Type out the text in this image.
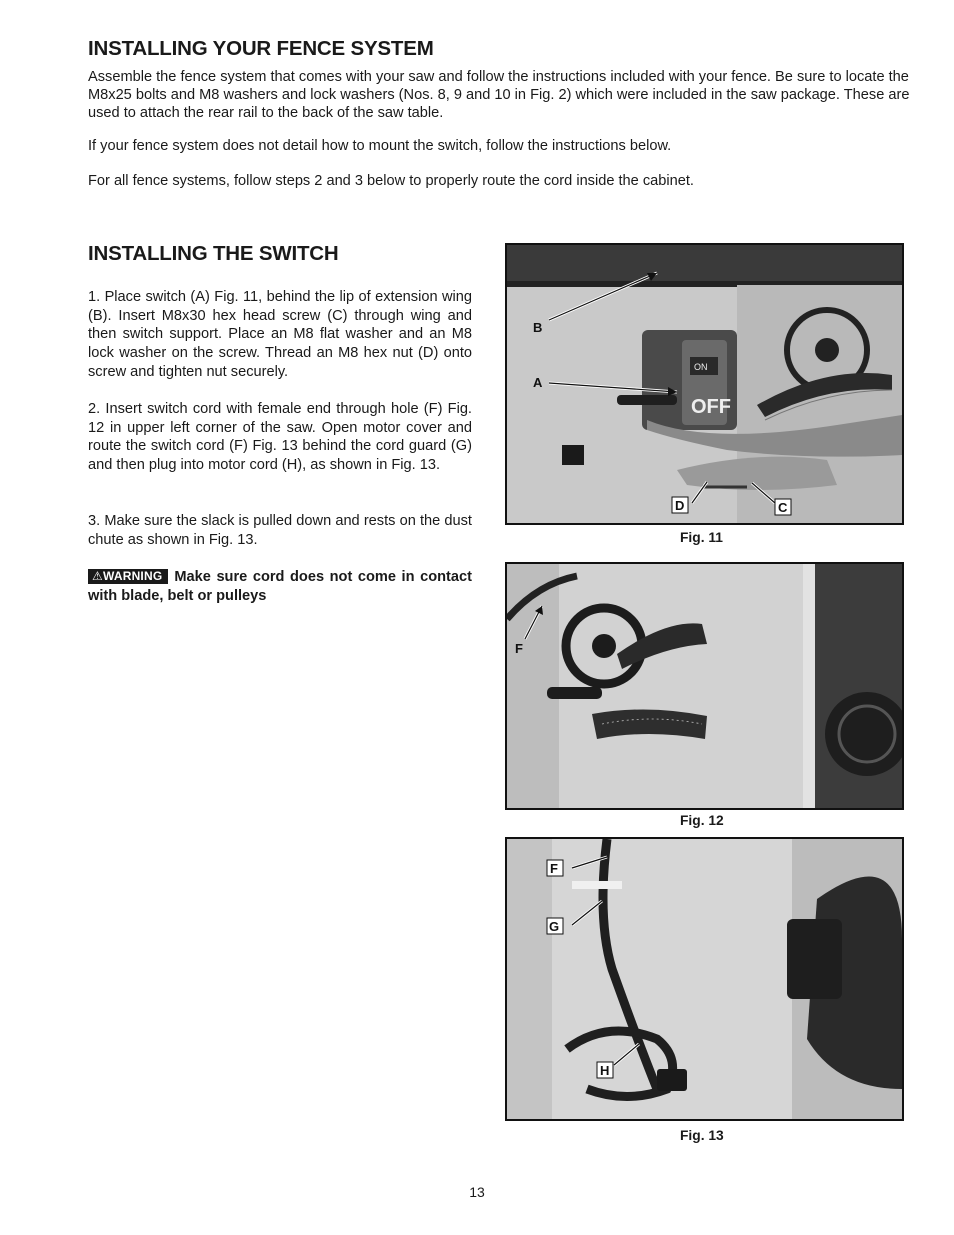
INSTALLING YOUR FENCE SYSTEM

Assemble the fence system that comes with your saw and follow the instructions included with your fence. Be sure to locate the M8x25 bolts and M8 washers and lock washers (Nos. 8, 9 and 10 in Fig. 2) which were included in the saw package. These are used to attach the rear rail to the back of the saw table.

If your fence system does not detail how to mount the switch, follow the instructions below.

For all fence systems, follow steps 2 and 3 below to properly route the cord inside the cabinet.

INSTALLING THE SWITCH

1. Place switch (A) Fig. 11, behind the lip of extension wing (B). Insert M8x30 hex head screw (C) through wing and then switch support. Place an M8 flat washer and an M8 lock washer on the screw. Thread an M8 hex nut (D) onto screw and tighten nut securely.

2. Insert switch cord with female end through hole (F) Fig. 12 in upper left corner of the saw. Open motor cover and route the switch cord (F) Fig. 13 behind the cord guard (G) and then plug into motor cord (H), as shown in Fig. 13.

3. Make sure the slack is pulled down and rests on the dust chute as shown in Fig. 13.

⚠WARNING Make sure cord does not come in contact with blade, belt or pulleys
ON
OFF
B
A
D	C
Fig. 11
F
Fig. 12
F
G
H
Fig. 13
13
